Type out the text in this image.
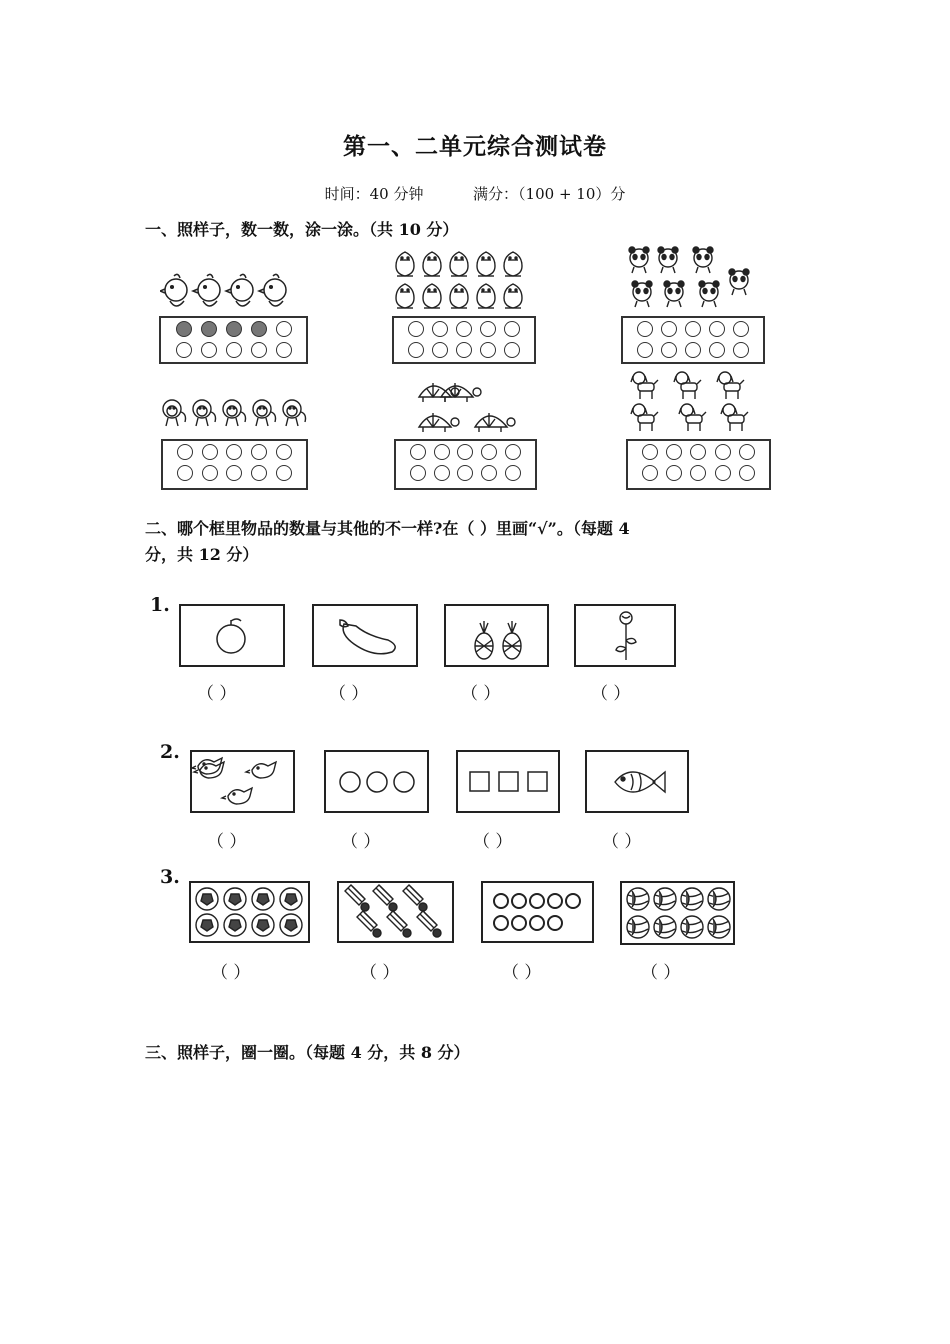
第一、二单元综合测试卷
时间：40 分钟	满分：（100 + 10）分
一、照样子，数一数，涂一涂。（共 10 分）
二、哪个框里物品的数量与其他的不一样?在（ ）里画“√”。（每题 4
分，共 12 分）
1.
（ ）	（ ）	（ ）	（ ）
2.
（ ）	（ ）	（ ）	（ ）
3.
（ ）	（ ）	（ ）	（ ）
三、照样子，圈一圈。（每题 4 分，共 8 分）
